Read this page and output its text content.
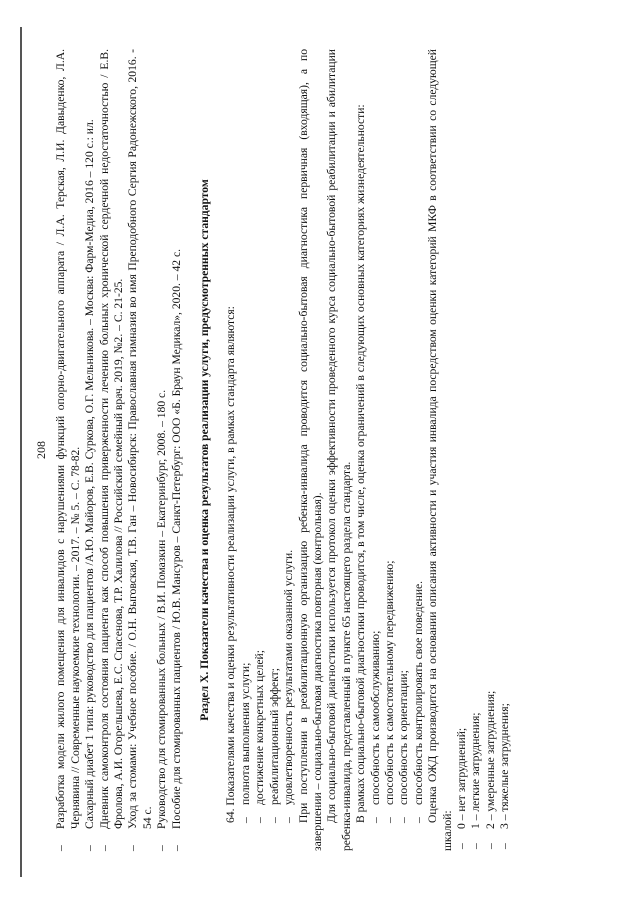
208
–
Разработка модели жилого помещения для инвалидов с нарушениями функций опорно-двигательного аппарата / Л.А. Терская, Л.И. Давыденко, Л.А. Чернявина // Современные наукоемкие технологии. – 2017. – № 5. – С. 78-82.
–
Сахарный диабет 1 типа: руководство для пациентов /А.Ю. Майоров, Е.В. Суркова, О.Г. Мельникова. – Москва: Фарм-Медиа, 2016 – 120 с.: ил.
–
Дневник самоконтроля состояния пациента как способ повышения приверженности лечению больных хронической сердечной недостаточностью / Е.В. Фролова, А.И. Огорельшева, Е.С. Спасенова, Т.Р. Халилова // Российский семейный врач. 2019, №2. – С. 21-25.
–
Уход за стомами: Учебное пособие. / О.Н. Выговская, Т.В. Ган – Новосибирск: Православная гимназия во имя Преподобного Сергия Радонежского, 2016. - 54 с.
–
Руководство для стомированных больных / В.И. Помазкин – Екатеринбург, 2008. – 180 с.
–
Пособие для стомированных пациентов / Ю.В. Мансуров – Санкт-Петербург: ООО «Б. Браун Медикал», 2020. – 42 с. Раздел X. Показатели качества и оценка результатов реализации услуги, предусмотренных стандартом 64. Показателями качества и оценки результативности реализации услуги, в рамках стандарта являются: –
полнота выполнения услуги;
–
достижение конкретных целей;
–
реабилитационный эффект;
–
удовлетворенность результатами оказанной услуги. При поступлении в реабилитационную организацию ребенка-инвалида проводится социально-бытовая диагностика первичная (входящая), а по завершении – социально-бытовая диагностика повторная (контрольная). Для социально-бытовой диагностики используется протокол оценки эффективности проведенного курса социально-бытовой реабилитации и абилитации ребенка-инвалида, представленный в пункте 65 настоящего раздела стандарта. В рамках социально-бытовой диагностики проводится, в том числе, оценка ограничений в следующих основных категориях жизнедеятельности: –
способность к самообслуживанию;
–
способность к самостоятельному передвижению;
–
способность к ориентации;
–
способность контролировать свое поведение. Оценка ОЖД производится на основании описания активности и участия инвалида посредством оценки категорий МКФ в соответствии со следующей шкалой: –
0 – нет затруднений;
–
1 – легкие затруднения;
–
2 – умеренные затруднения;
–
3 – тяжелые затруднения;
